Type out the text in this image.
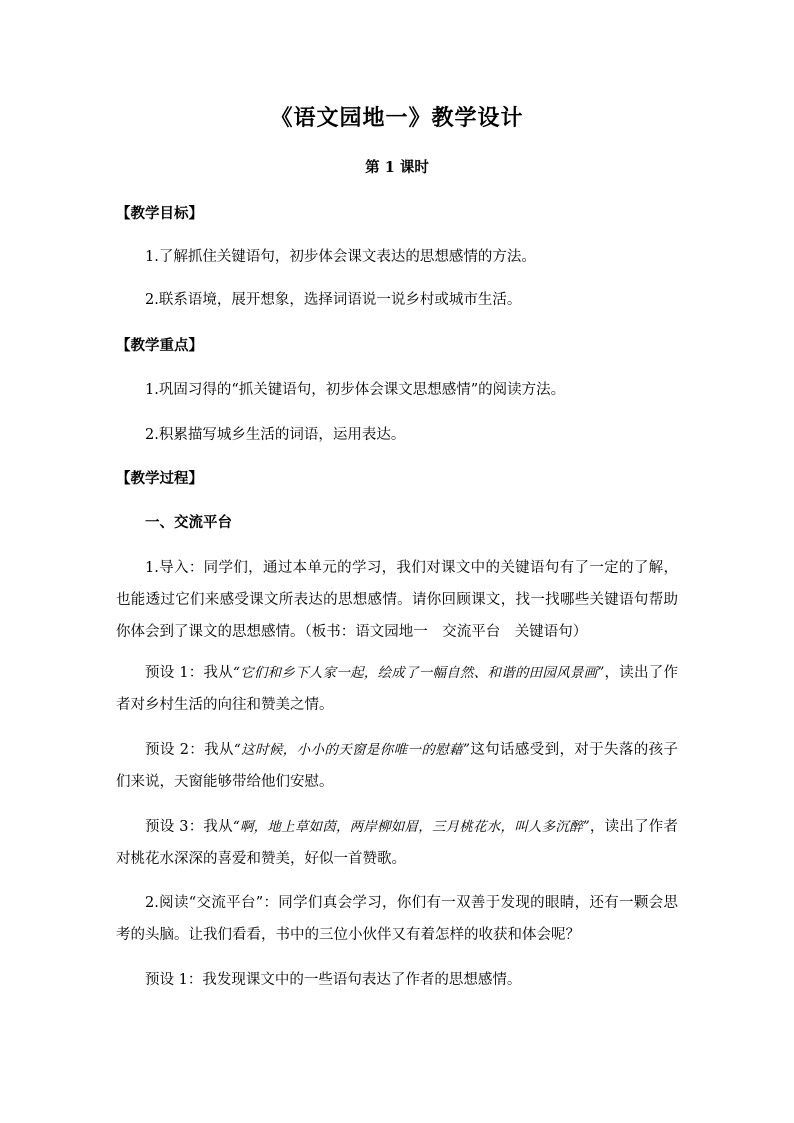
《语文园地一》教学设计
第 1 课时
【教学目标】
1.了解抓住关键语句，初步体会课文表达的思想感情的方法。
2.联系语境，展开想象，选择词语说一说乡村或城市生活。
【教学重点】
1.巩固习得的“抓关键语句，初步体会课文思想感情”的阅读方法。
2.积累描写城乡生活的词语，运用表达。
【教学过程】
一、交流平台
1.导入：同学们，通过本单元的学习，我们对课文中的关键语句有了一定的了解，也能透过它们来感受课文所表达的思想感情。请你回顾课文，找一找哪些关键语句帮助你体会到了课文的思想感情。（板书：语文园地一　交流平台　关键语句）
预设 1：我从“它们和乡下人家一起，绘成了一幅自然、和谐的田园风景画”，读出了作者对乡村生活的向往和赞美之情。
预设 2：我从“这时候，小小的天窗是你唯一的慰藉”这句话感受到，对于失落的孩子们来说，天窗能够带给他们安慰。
预设 3：我从“啊，地上草如茵，两岸柳如眉，三月桃花水，叫人多沉醉”，读出了作者对桃花水深深的喜爱和赞美，好似一首赞歌。
2.阅读“交流平台”：同学们真会学习，你们有一双善于发现的眼睛，还有一颗会思考的头脑。让我们看看，书中的三位小伙伴又有着怎样的收获和体会呢？
预设 1：我发现课文中的一些语句表达了作者的思想感情。
